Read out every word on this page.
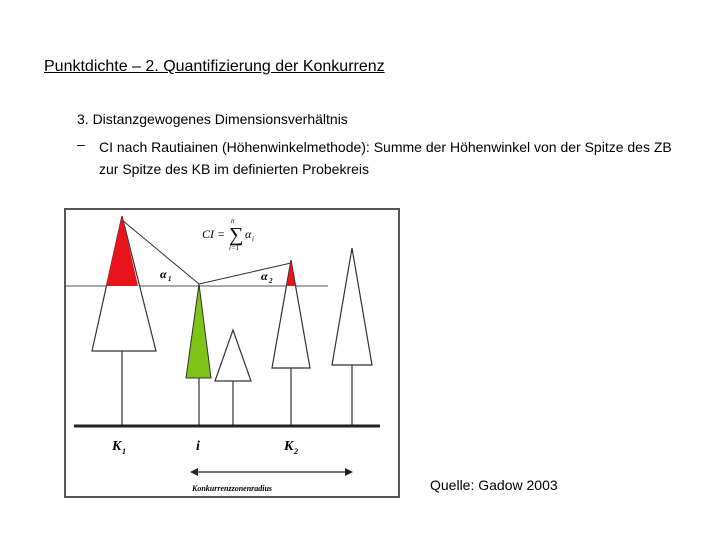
Punktdichte – 2. Quantifizierung der Konkurrenz
3. Distanzgewogenes Dimensionsverhältnis
– CI nach Rautiainen (Höhenwinkelmethode): Summe der Höhenwinkel von der Spitze des ZB zur Spitze des KB im definierten Probekreis
CI = ∑
n
i=1
α i
α 1	α 2
K 1	i	K 2
Konkurrenzzonenradius	Quelle: Gadow 2003
